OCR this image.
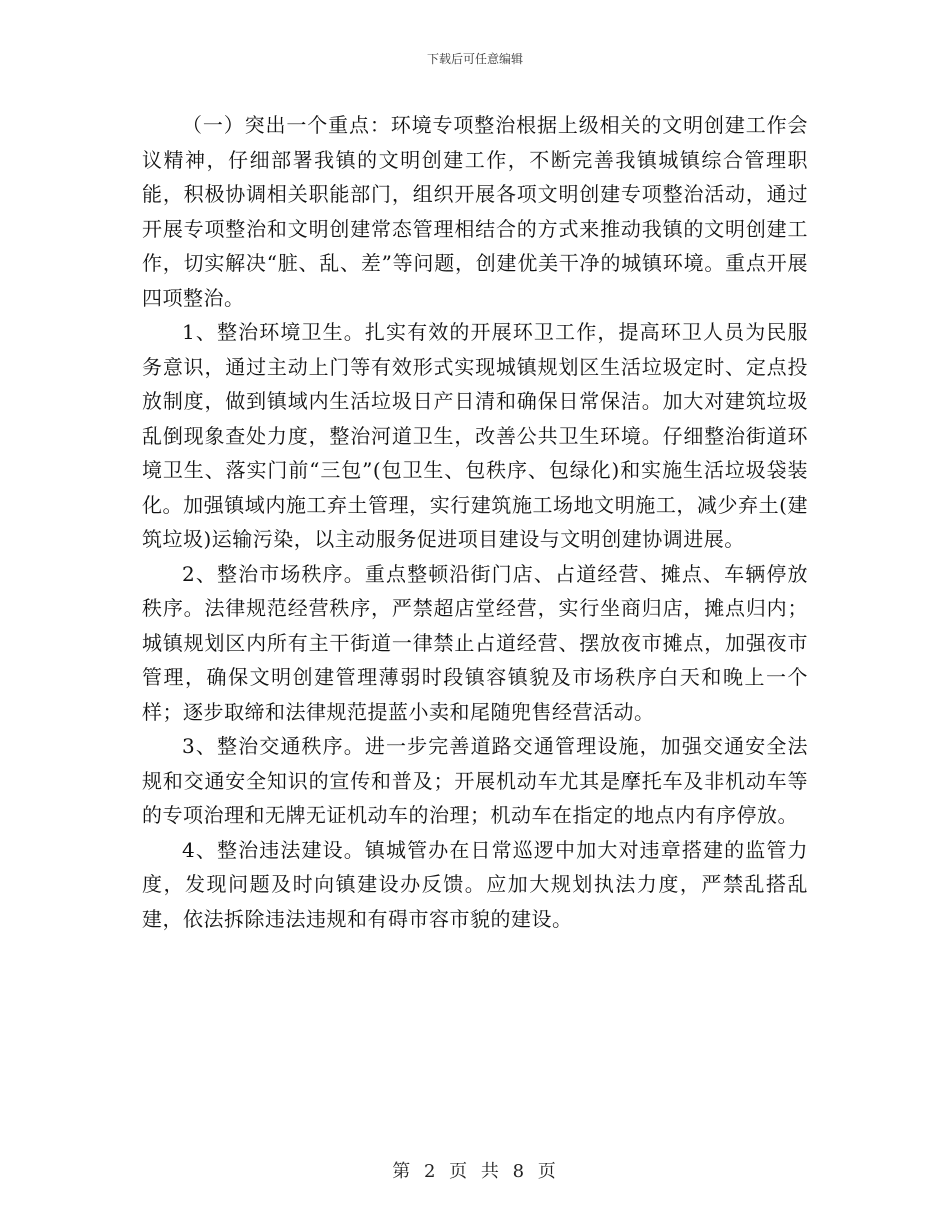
下载后可任意编辑

（一）突出一个重点：环境专项整治根据上级相关的文明创建工作会议精神，仔细部署我镇的文明创建工作，不断完善我镇城镇综合管理职能，积极协调相关职能部门，组织开展各项文明创建专项整治活动，通过开展专项整治和文明创建常态管理相结合的方式来推动我镇的文明创建工作，切实解决“脏、乱、差”等问题，创建优美干净的城镇环境。重点开展四项整治。

1、整治环境卫生。扎实有效的开展环卫工作，提高环卫人员为民服务意识，通过主动上门等有效形式实现城镇规划区生活垃圾定时、定点投放制度，做到镇域内生活垃圾日产日清和确保日常保洁。加大对建筑垃圾乱倒现象查处力度，整治河道卫生，改善公共卫生环境。仔细整治街道环境卫生、落实门前“三包”(包卫生、包秩序、包绿化)和实施生活垃圾袋装化。加强镇域内施工弃土管理，实行建筑施工场地文明施工，减少弃土(建筑垃圾)运输污染，以主动服务促进项目建设与文明创建协调进展。

2、整治市场秩序。重点整顿沿街门店、占道经营、摊点、车辆停放秩序。法律规范经营秩序，严禁超店堂经营，实行坐商归店，摊点归内；城镇规划区内所有主干街道一律禁止占道经营、摆放夜市摊点，加强夜市管理，确保文明创建管理薄弱时段镇容镇貌及市场秩序白天和晚上一个样；逐步取缔和法律规范提蓝小卖和尾随兜售经营活动。

3、整治交通秩序。进一步完善道路交通管理设施，加强交通安全法规和交通安全知识的宣传和普及；开展机动车尤其是摩托车及非机动车等的专项治理和无牌无证机动车的治理；机动车在指定的地点内有序停放。

4、整治违法建设。镇城管办在日常巡逻中加大对违章搭建的监管力度，发现问题及时向镇建设办反馈。应加大规划执法力度，严禁乱搭乱建，依法拆除违法违规和有碍市容市貌的建设。

第 2 页 共 8 页
